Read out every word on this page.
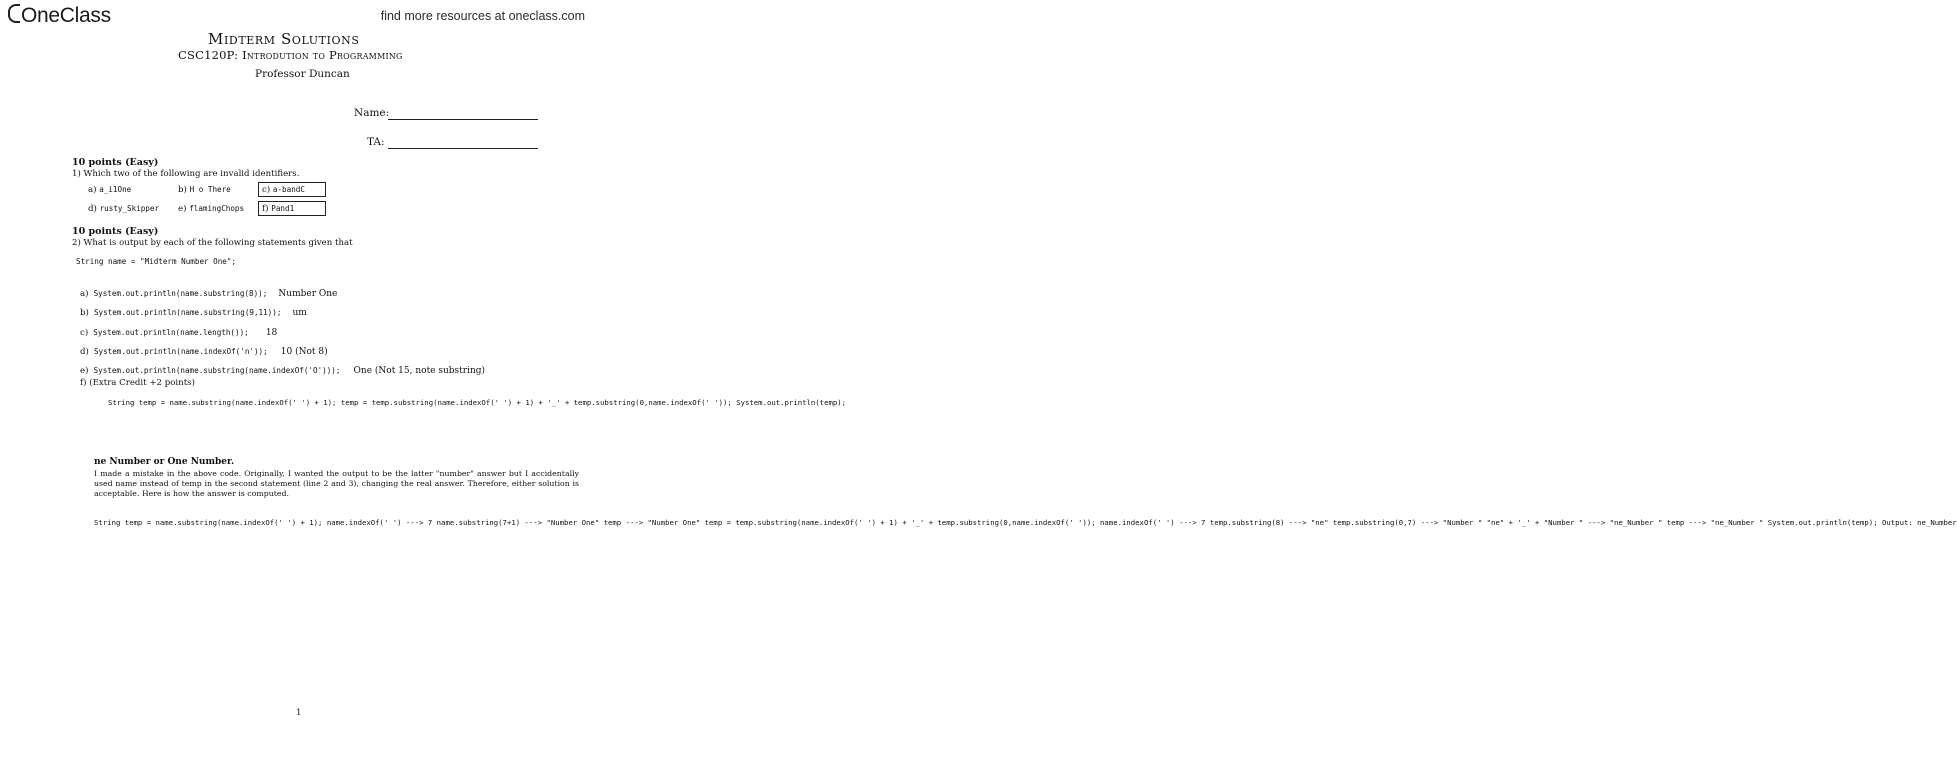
OneClass	find more resources at oneclass.com
Midterm Solutions
CSC120P: Introdution to Programming
Professor Duncan
Name:
TA:
10 points (Easy)
1) Which two of the following are invalid identifiers.
a) a_i1One	b) H o There	c) a-bandC
d) rusty_Skipper e) flamingChops f) Pand1
10 points (Easy)
2) What is output by each of the following statements given that
String name = "Midterm Number One";
a) System.out.println(name.substring(8)); Number One
b) System.out.println(name.substring(9,11)); um
c) System.out.println(name.length()); 18
d) System.out.println(name.indexOf('n')); 10 (Not 8)
e) System.out.println(name.substring(name.indexOf('O'))); One (Not 15, note substring)
f) (Extra Credit +2 points)
String temp = name.substring(name.indexOf(' ') + 1); temp = temp.substring(name.indexOf(' ') + 1) + '_' + temp.substring(0,name.indexOf(' ')); System.out.println(temp);
ne Number or One Number.
I made a mistake in the above code. Originally, I wanted the output to be the latter "number" answer but I accidentally used name instead of temp in the second statement (line 2 and 3), changing the real answer. Therefore, either solution is acceptable. Here is how the answer is computed.
String temp = name.substring(name.indexOf(' ') + 1); name.indexOf(' ') ---> 7 name.substring(7+1) ---> "Number One" temp ---> "Number One" temp = temp.substring(name.indexOf(' ') + 1) + '_' + temp.substring(0,name.indexOf(' ')); name.indexOf(' ') ---> 7 temp.substring(8) ---> "ne" temp.substring(0,7) ---> "Number " "ne" + '_' + "Number " ---> "ne_Number " temp ---> "ne_Number " System.out.println(temp); Output: ne_Number
1
